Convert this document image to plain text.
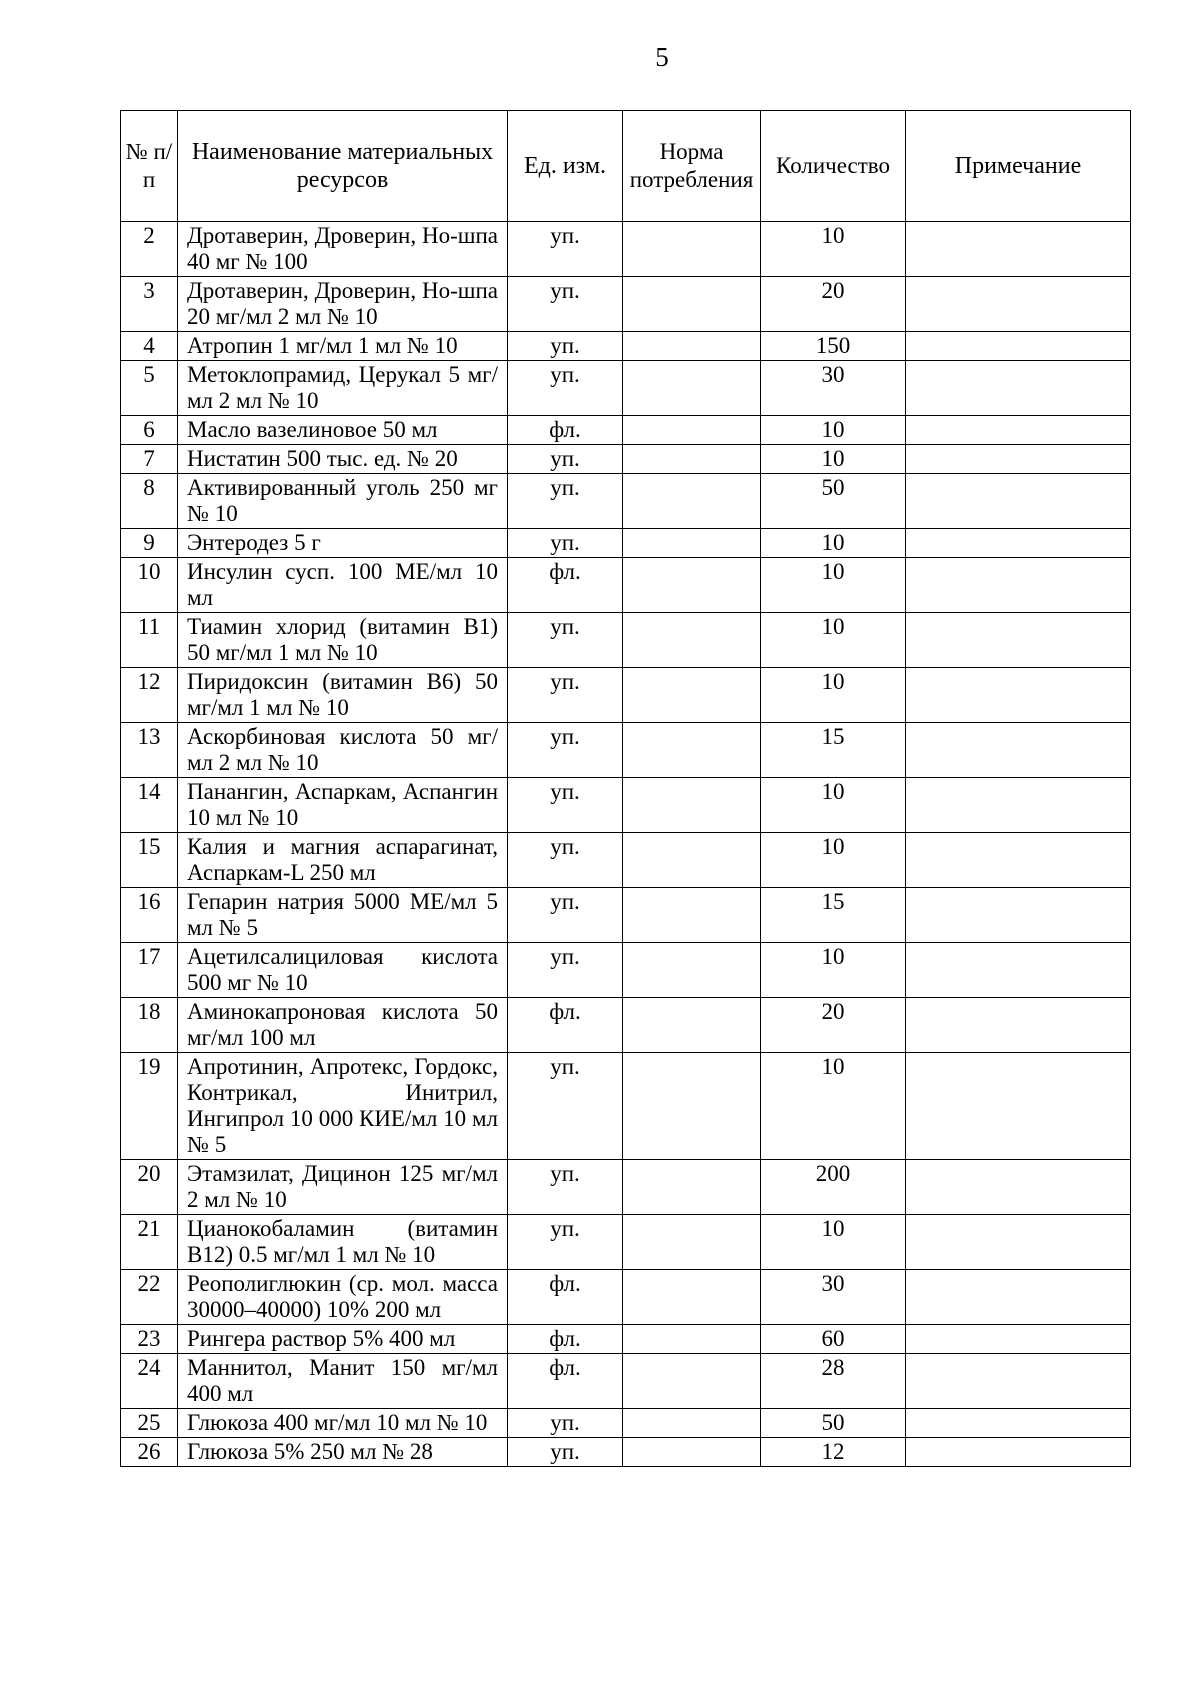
5
№ п/п	Наименование материальных ресурсов	Ед. изм.	Норма потребления	Количество	Примечание
2	Дротаверин, Дроверин, Но-шпа 40 мг № 100	уп.		10	
3	Дротаверин, Дроверин, Но-шпа 20 мг/мл 2 мл № 10	уп.		20	
4	Атропин 1 мг/мл 1 мл № 10	уп.		150	
5	Метоклопрамид, Церукал 5 мг/мл 2 мл № 10	уп.		30	
6	Масло вазелиновое 50 мл	фл.		10	
7	Нистатин 500 тыс. ед. № 20	уп.		10	
8	Активированный уголь 250 мг № 10	уп.		50	
9	Энтеродез 5 г	уп.		10	
10	Инсулин сусп. 100 МЕ/мл 10 мл	фл.		10	
11	Тиамин хлорид (витамин В1) 50 мг/мл 1 мл № 10	уп.		10	
12	Пиридоксин (витамин В6) 50 мг/мл 1 мл № 10	уп.		10	
13	Аскорбиновая кислота 50 мг/мл 2 мл № 10	уп.		15	
14	Панангин, Аспаркам, Аспангин 10 мл № 10	уп.		10	
15	Калия и магния аспарагинат, Аспаркам-L 250 мл	уп.		10	
16	Гепарин натрия 5000 МЕ/мл 5 мл № 5	уп.		15	
17	Ацетилсалициловая кислота 500 мг № 10	уп.		10	
18	Аминокапроновая кислота 50 мг/мл 100 мл	фл.		20	
19	Апротинин, Апротекс, Гордокс, Контрикал, Инитрил, Ингипрол 10 000 КИЕ/мл 10 мл № 5	уп.		10	
20	Этамзилат, Дицинон 125 мг/мл 2 мл № 10	уп.		200	
21	Цианокобаламин (витамин В12) 0.5 мг/мл 1 мл № 10	уп.		10	
22	Реополиглюкин (ср. мол. масса 30000–40000) 10% 200 мл	фл.		30	
23	Рингера раствор 5% 400 мл	фл.		60	
24	Маннитол, Манит 150 мг/мл 400 мл	фл.		28	
25	Глюкоза 400 мг/мл 10 мл № 10	уп.		50	
26	Глюкоза 5% 250 мл № 28	уп.		12	
